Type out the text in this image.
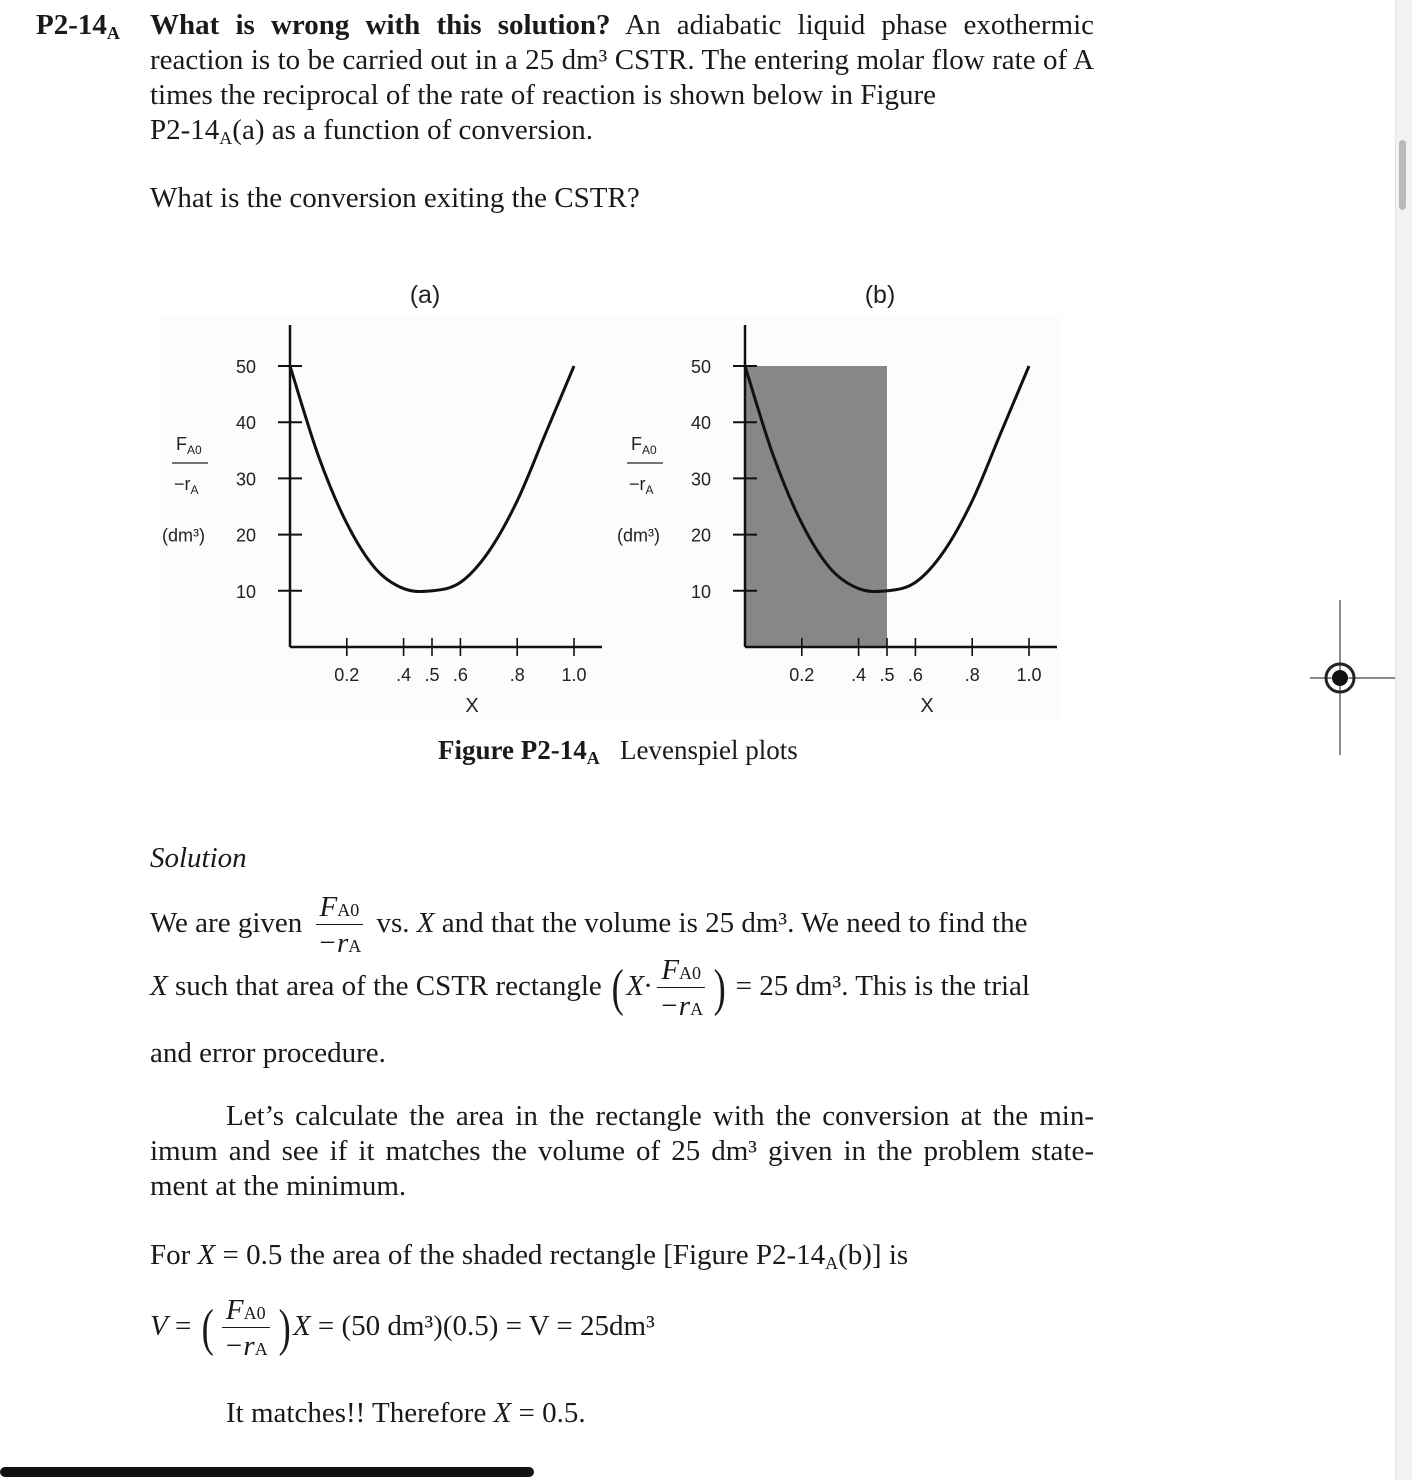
$P2-14_A$ What is wrong with this solution? An adiabatic liquid phase exothermic reaction is to be carried out in a 25 dm³ CSTR. The entering molar flow rate of A times the reciprocal of the rate of reaction is shown below in Figure
$P2-14_A(a)$ as a function of conversion.
What is the conversion exiting the CSTR?
(a)
10
20
30
40
50
0.2 .4 .5 .6 .8 1.0
X
$F_{A0}$
$-r_A$
(dm³)
(b)
10
20
30
40
50
0.2 .4 .5 .6 .8 1.0
X
$F_{A0}$
$-r_A$
(dm³)
Figure $P2-14_A$ Levenspiel plots
Solution
We are given $\frac{FA0}{-rA}$ vs. X and that the volume is 25 dm³. We need to find the
X such that area of the CSTR rectangle ($X\cdot \frac{FA0}{-rA}$ ) = 25 dm³. This is the trial
and error procedure.
Let’s calculate the area in the rectangle with the conversion at the min- imum and see if it matches the volume of 25 dm³ given in the problem state- ment at the minimum.
For X = 0.5 the area of the shaded rectangle [Figure $P2-14_A(b)$] is
V = ( $\frac{FA0}{-rA} )X = (50$ dm³)(0.5) = V = 25dm³
It matches!! Therefore X = 0.5.
